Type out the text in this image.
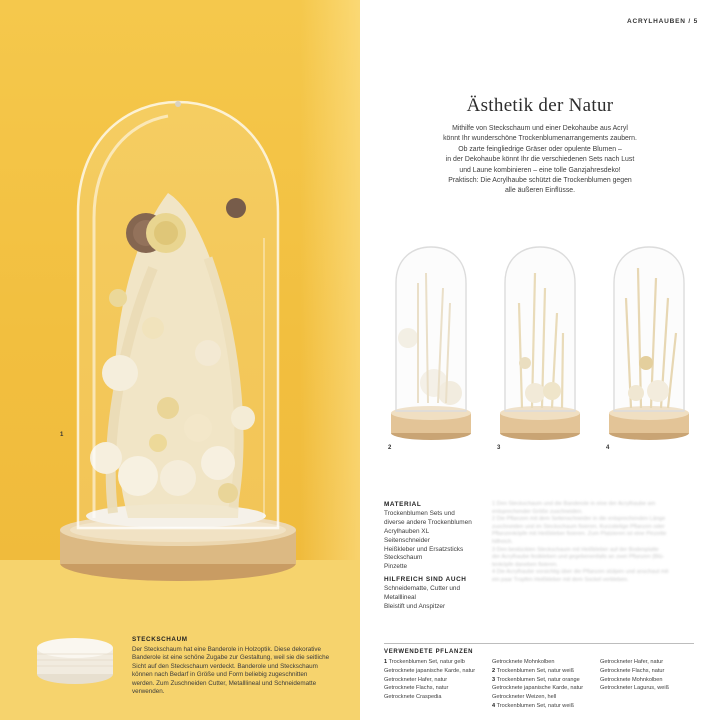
1
STECKSCHAUM
Der Steckschaum hat eine Banderole in Holzoptik. Diese dekorative
Banderole ist eine schöne Zugabe zur Gestaltung, weil sie die seitliche
Sicht auf den Steckschaum verdeckt. Banderole und Steckschaum
können nach Bedarf in Größe und Form beliebig zugeschnitten
werden. Zum Zuschneiden Cutter, Metalllineal und Schneidematte
verwenden.
ACRYLHAUBEN / 5
Ästhetik der Natur
Mithilfe von Steckschaum und einer Dekohaube aus Acryl
könnt Ihr wunderschöne Trockenblumenarrangements zaubern.
Ob zarte feingliedrige Gräser oder opulente Blumen –
in der Dekohaube könnt Ihr die verschiedenen Sets nach Lust
und Laune kombinieren – eine tolle Ganzjahresdeko!
Praktisch: Die Acrylhaube schützt die Trockenblumen gegen
alle äußeren Einflüsse.
2	3	4
MATERIAL
Trockenblumen Sets und
diverse andere Trockenblumen
Acrylhauben XL
Seitenschneider
Heißkleber und Ersatzsticks
Steckschaum
Pinzette
HILFREICH SIND AUCH
Schneidematte, Cutter und
Metalllineal
Bleistift und Anspitzer
1 Den Steckschaum und die Banderole in eine der Acrylhaube am
entsprechender Größe zuschneiden.
2 Die Pflanzen mit dem Seitenschneider in die entsprechenden Länge
zuschneiden und im Steckschaum fixieren. Kurzstielige Pflanzen oder
Pflanzenköpfe mit Heißkleber fixieren. Zum Platzieren ist eine Pinzette
hilfreich.
3 Den bestückten Steckschaum mit Heißkleber auf der Bodenplatte
der Acrylhaube festkleben und gegebenenfalls an zwei Pflanzen (Blü-
tenköpfe daneben fixieren.
4 Die Acrylhaube vorsichtig über die Pflanzen stülpen und anschaut mit
ein paar Tropfen Heißkleber mit dem Sockel verkleben.
VERWENDETE PFLANZEN
1 Trockenblumen Set, natur gelb
Getrocknete japanische Karde, natur
Getrockneter Hafer, natur
Getrocknete Flachs, natur
Getrocknete Craspedia
Getrocknete Mohnkolben
2 Trockenblumen Set, natur weiß
3 Trockenblumen Set, natur orange
Getrocknete japanische Karde, natur
Getrockneter Weizen, hell
4 Trockenblumen Set, natur weiß
Getrockneter Hafer, natur
Getrocknete Flachs, natur
Getrocknete Mohnkolben
Getrockneter Lagurus, weiß
